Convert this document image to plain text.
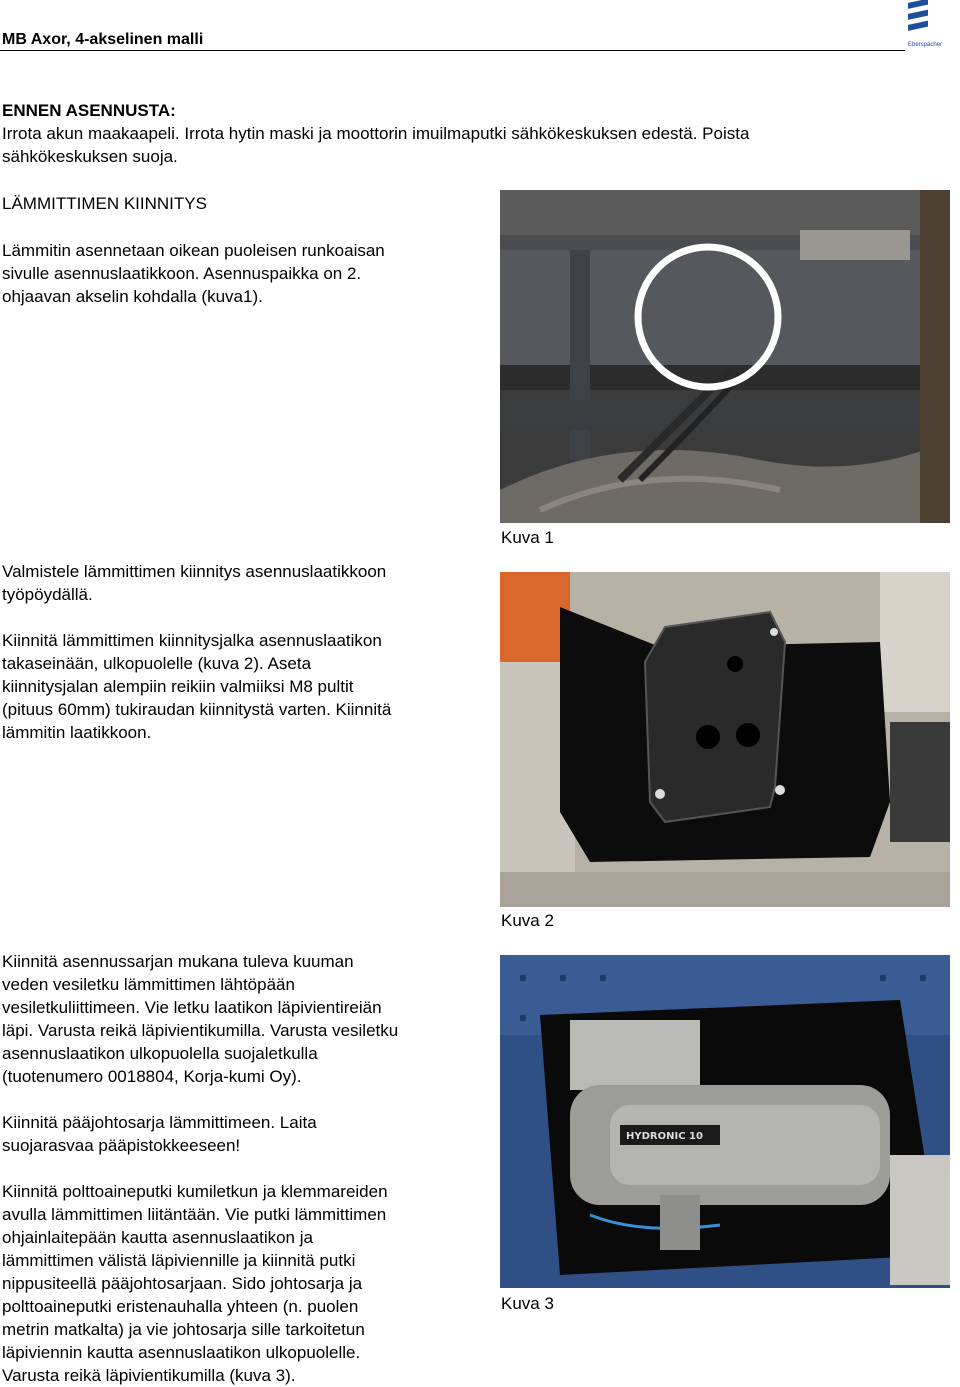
MB Axor, 4-akselinen malli	Eberspächer
ENNEN ASENNUSTA:
Irrota akun maakaapeli. Irrota hytin maski ja moottorin imuilmaputki sähkökeskuksen edestä. Poista
sähkökeskuksen suoja.
LÄMMITTIMEN KIINNITYS
Lämmitin asennetaan oikean puoleisen runkoaisan
sivulle asennuslaatikkoon. Asennuspaikka on 2.
ohjaavan akselin kohdalla (kuva1).
Valmistele lämmittimen kiinnitys asennuslaatikkoon
työpöydällä.
Kiinnitä lämmittimen kiinnitysjalka asennuslaatikon
takaseinään, ulkopuolelle (kuva 2). Aseta
kiinnitysjalan alempiin reikiin valmiiksi M8 pultit
(pituus 60mm) tukiraudan kiinnitystä varten. Kiinnitä
lämmitin laatikkoon.
Kiinnitä asennussarjan mukana tuleva kuuman
veden vesiletku lämmittimen lähtöpään
vesiletkuliittimeen. Vie letku laatikon läpivientireiän
läpi. Varusta reikä läpivientikumilla. Varusta vesiletku
asennuslaatikon ulkopuolella suojaletkulla
(tuotenumero 0018804, Korja-kumi Oy).
Kiinnitä pääjohtosarja lämmittimeen. Laita
suojarasvaa pääpistokkeeseen!
Kiinnitä polttoaineputki kumiletkun ja klemmareiden
avulla lämmittimen liitäntään. Vie putki lämmittimen
ohjainlaitepään kautta asennuslaatikon ja
lämmittimen välistä läpiviennille ja kiinnitä putki
nippusiteellä pääjohtosarjaan. Sido johtosarja ja
polttoaineputki eristenauhalla yhteen (n. puolen
metrin matkalta) ja vie johtosarja sille tarkoitetun
läpiviennin kautta asennuslaatikon ulkopuolelle.
Varusta reikä läpivientikumilla (kuva 3).
Kuva 1
Kuva 2
HYDRONIC 10
Kuva 3
